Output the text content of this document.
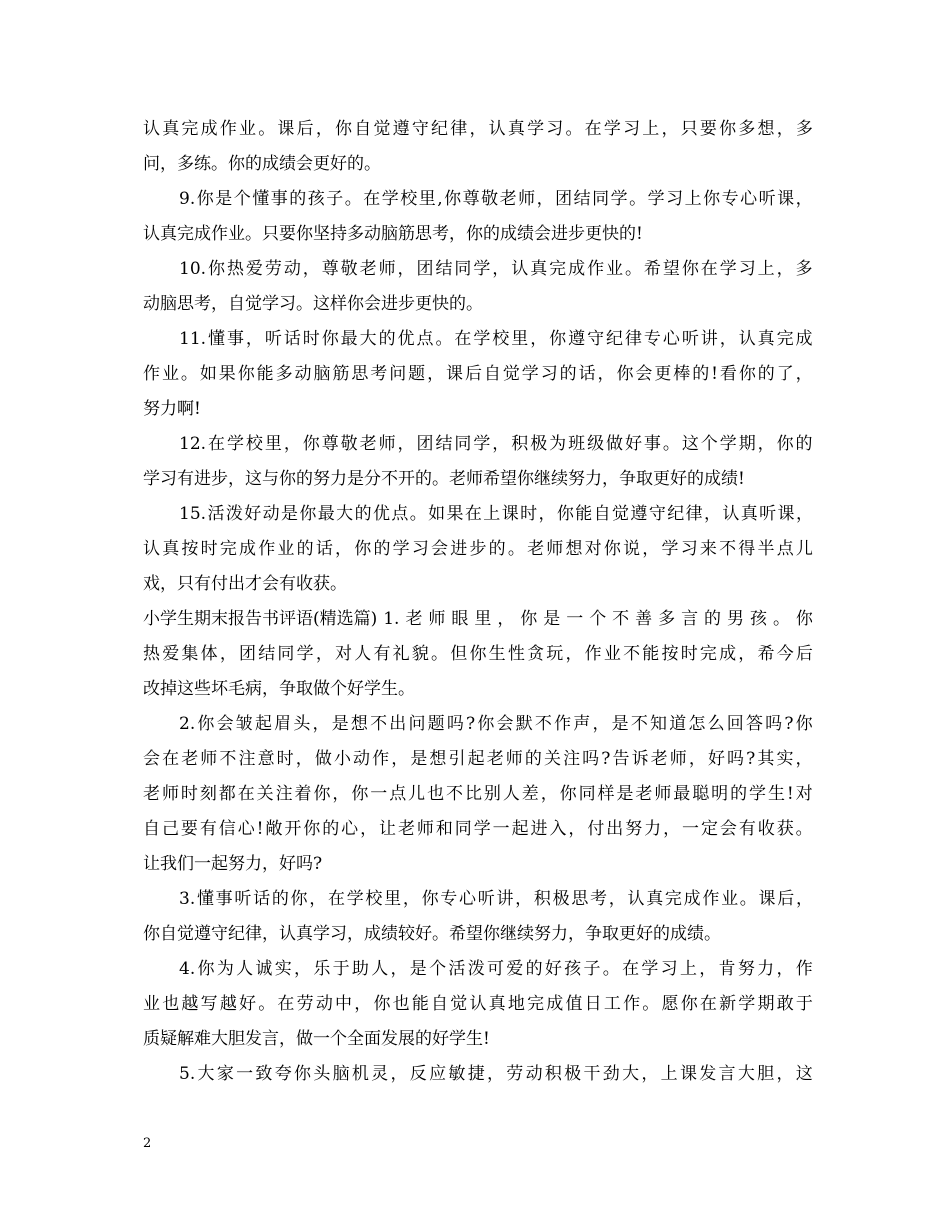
认 真 完 成 作 业 。 课 后 ， 你 自 觉 遵 守 纪 律 ， 认 真 学 习 。 在 学 习 上 ， 只 要 你 多 想 ， 多
问，多练。你的成绩会更好的。
9. 你 是 个 懂 事 的 孩 子 。 在 学 校 里 , 你 尊 敬 老 师 ， 团 结 同 学 。 学 习 上 你 专 心 听 课 ，
认真完成作业。只要你坚持多动脑筋思考，你的成绩会进步更快的!
10. 你 热 爱 劳 动 ， 尊 敬 老 师 ， 团 结 同 学 ， 认 真 完 成 作 业 。 希 望 你 在 学 习 上 ， 多
动脑思考，自觉学习。这样你会进步更快的。
11. 懂 事 ， 听 话 时 你 最 大 的 优 点 。 在 学 校 里 ， 你 遵 守 纪 律 专 心 听 讲 ， 认 真 完 成
作 业 。 如 果 你 能 多 动 脑 筋 思 考 问 题 ， 课 后 自 觉 学 习 的 话 ， 你 会 更 棒 的 ! 看 你 的 了 ，
努力啊!
12. 在 学 校 里 ， 你 尊 敬 老 师 ， 团 结 同 学 ， 积 极 为 班 级 做 好 事 。 这 个 学 期 ， 你 的
学习有进步，这与你的努力是分不开的。老师希望你继续努力，争取更好的成绩!
15. 活 泼 好 动 是 你 最 大 的 优 点 。 如 果 在 上 课 时 ， 你 能 自 觉 遵 守 纪 律 ， 认 真 听 课 ，
认 真 按 时 完 成 作 业 的 话 ， 你 的 学 习 会 进 步 的 。 老 师 想 对 你 说 ， 学 习 来 不 得 半 点 儿
戏，只有付出才会有收获。
小学生期末报告书评语(精选篇) 1. 老 师 眼 里 ， 你 是 一 个 不 善 多 言 的 男 孩 。 你
热 爱 集 体 ， 团 结 同 学 ， 对 人 有 礼 貌 。 但 你 生 性 贪 玩 ， 作 业 不 能 按 时 完 成 ， 希 今 后
改掉这些坏毛病，争取做个好学生。
2. 你 会 皱 起 眉 头 ， 是 想 不 出 问 题 吗 ? 你 会 默 不 作 声 ， 是 不 知 道 怎 么 回 答 吗 ? 你
会 在 老 师 不 注 意 时 ， 做 小 动 作 ， 是 想 引 起 老 师 的 关 注 吗 ? 告 诉 老 师 ， 好 吗 ? 其 实 ，
老 师 时 刻 都 在 关 注 着 你 ， 你 一 点 儿 也 不 比 别 人 差 ， 你 同 样 是 老 师 最 聪 明 的 学 生 ! 对
自 己 要 有 信 心 ! 敞 开 你 的 心 ， 让 老 师 和 同 学 一 起 进 入 ， 付 出 努 力 ， 一 定 会 有 收 获 。
让我们一起努力，好吗?
3. 懂 事 听 话 的 你 ， 在 学 校 里 ， 你 专 心 听 讲 ， 积 极 思 考 ， 认 真 完 成 作 业 。 课 后 ，
你自觉遵守纪律，认真学习，成绩较好。希望你继续努力，争取更好的成绩。
4. 你 为 人 诚 实 ， 乐 于 助 人 ， 是 个 活 泼 可 爱 的 好 孩 子 。 在 学 习 上 ， 肯 努 力 ， 作
业 也 越 写 越 好 。 在 劳 动 中 ， 你 也 能 自 觉 认 真 地 完 成 值 日 工 作 。 愿 你 在 新 学 期 敢 于
质疑解难大胆发言，做一个全面发展的好学生!
5. 大 家 一 致 夸 你 头 脑 机 灵 ， 反 应 敏 捷 ， 劳 动 积 极 干 劲 大 ， 上 课 发 言 大 胆 ， 这
2
